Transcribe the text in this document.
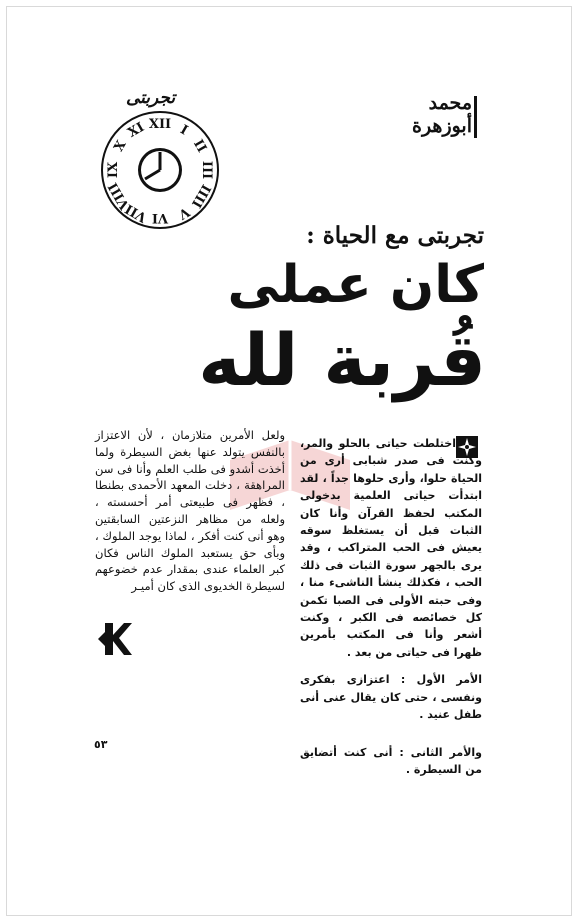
محمد
أبوزهرة
تجربتى
XII I
II
III
IIII
V
VI
VII
VIII
IX
X
XI
تجربتى مع الحياة :
كان عملى
قُربة لله

اختلطت حياتى بالحلو والمر، وكنت فى صدر شبابى أرى من الحياة حلوا، وأرى حلوها جداً ، لقد ابتدأت حياتى العلمية بدخولى المكتب لحفظ القرآن وأنا كان الثبات قبل أن يستغلظ سوقه يعيش فى الحب المتراكب ، وقد يرى بالجهر سورة الثبات فى ذلك الحب ، فكذلك ينشأ الناشىء منا ، وفى حبته الأولى فى الصبا تكمن كل خصائصه فى الكبر ، وكنت أشعر وأنا فى المكتب بأمرين ظهرا فى حياتى من بعد .

الأمر الأول : اعتزازى بفكرى ونفسى ، حتى كان يقال عنى أنى طفل عنيد .

والأمر الثانى : أنى كنت أتضايق من السيطرة .

ولعل الأمرين متلازمان ، لأن الاعتزاز بالنفس يتولد عنها بغض السيطرة ولما أخذت أشدو فى طلب العلم وأنا فى سن المراهقة ، دخلت المعهد الأحمدى بطنطا ، فظهر فى طبيعتى أمر أحسسته ، ولعله من مظاهر النزعتين السابقتين وهو أنى كنت أفكر ، لماذا يوجد الملوك ، وبأى حق يستعبد الملوك الناس فكان كبر العلماء عندى بمقدار عدم خضوعهم لسيطرة الخديوى الذى كان أميـر

٥٣
